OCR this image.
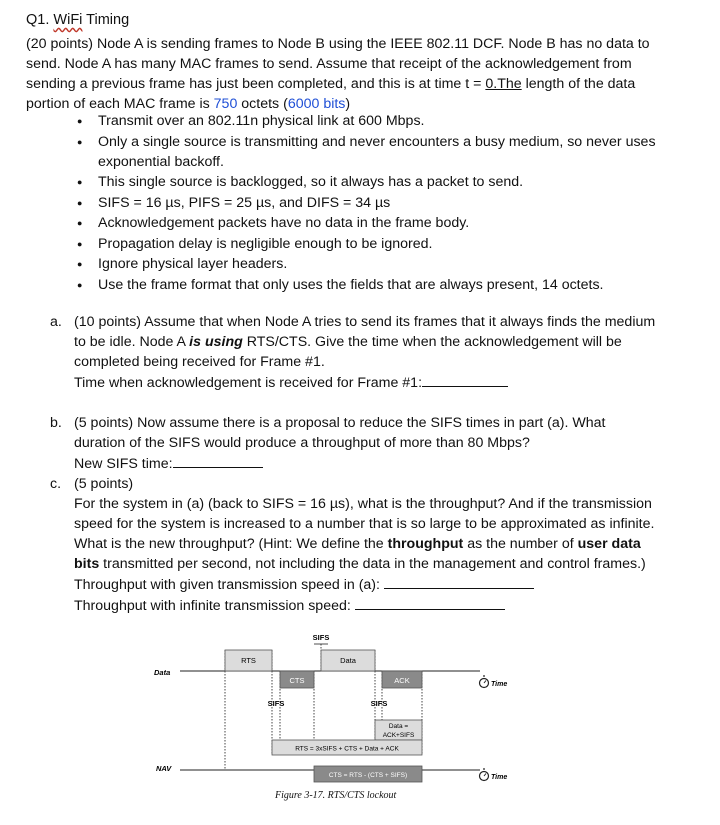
Q1. WiFi Timing
(20 points) Node A is sending frames to Node B using the IEEE 802.11 DCF. Node B has no data to send. Node A has many MAC frames to send. Assume that receipt of the acknowledgement from sending a previous frame has just been completed, and this is at time t = 0.The length of the data portion of each MAC frame is 750 octets (6000 bits)
● Transmit over an 802.11n physical link at 600 Mbps.
● Only a single source is transmitting and never encounters a busy medium, so never uses exponential backoff.
● This single source is backlogged, so it always has a packet to send.
● SIFS = 16 µs, PIFS = 25 µs, and DIFS = 34 µs
● Acknowledgement packets have no data in the frame body.
● Propagation delay is negligible enough to be ignored.
● Ignore physical layer headers.
● Use the frame format that only uses the fields that are always present, 14 octets.
a. (10 points) Assume that when Node A tries to send its frames that it always finds the medium to be idle. Node A is using RTS/CTS. Give the time when the acknowledgement will be completed being received for Frame #1.
Time when acknowledgement is received for Frame #1:
b. (5 points) Now assume there is a proposal to reduce the SIFS times in part (a). What duration of the SIFS would produce a throughput of more than 80 Mbps?
New SIFS time:
c. (5 points)
For the system in (a) (back to SIFS = 16 µs), what is the throughput? And if the transmission speed for the system is increased to a number that is so large to be approximated as infinite. What is the new throughput? (Hint: We define the throughput as the number of user data bits transmitted per second, not including the data in the management and control frames.)
Throughput with given transmission speed in (a):
Throughput with infinite transmission speed:
SIFS
RTS	Data
CTS	ACK
Data
NAV
SIFS	SIFS
Data =
ACK+SIFS
RTS = 3xSIFS + CTS + Data + ACK
CTS = RTS - (CTS + SIFS)
Time
Time
Figure 3-17. RTS/CTS lockout
